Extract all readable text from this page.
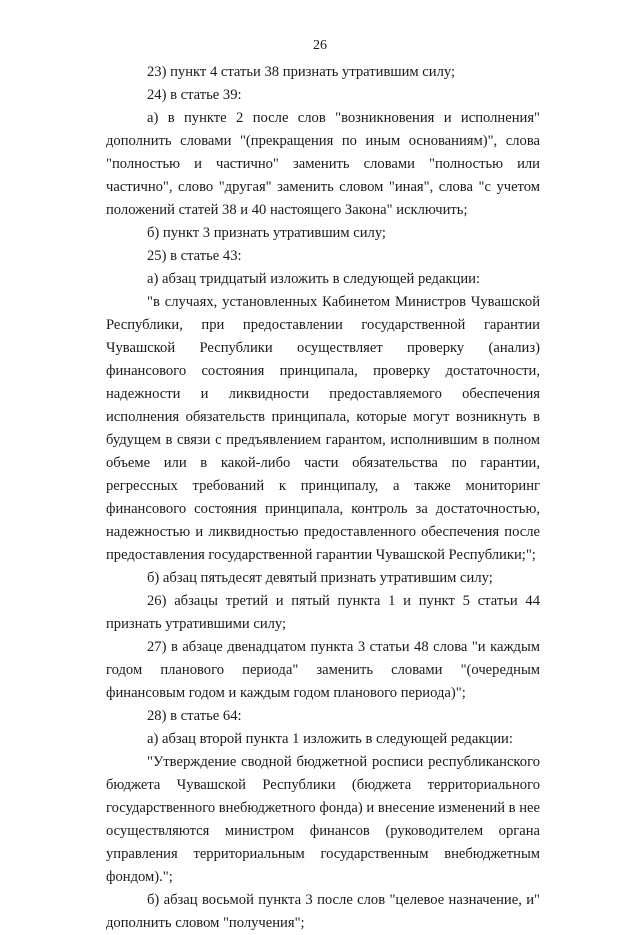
26

23) пункт 4 статьи 38 признать утратившим силу;

24) в статье 39:

а) в пункте 2 после слов "возникновения и исполнения" дополнить словами "(прекращения по иным основаниям)", слова "полностью и частично" заменить словами "полностью или частично", слово "другая" заменить словом "иная", слова "с учетом положений статей 38 и 40 настоящего Закона" исключить;

б) пункт 3 признать утратившим силу;

25) в статье 43:

а) абзац тридцатый изложить в следующей редакции:

"в случаях, установленных Кабинетом Министров Чувашской Республики, при предоставлении государственной гарантии Чувашской Республики осуществляет проверку (анализ) финансового состояния принципала, проверку достаточности, надежности и ликвидности предоставляемого обеспечения исполнения обязательств принципала, которые могут возникнуть в будущем в связи с предъявлением гарантом, исполнившим в полном объеме или в какой-либо части обязательства по гарантии, регрессных требований к принципалу, а также мониторинг финансового состояния принципала, контроль за достаточностью, надежностью и ликвидностью предоставленного обеспечения после предоставления государственной гарантии Чувашской Республики;";

б) абзац пятьдесят девятый признать утратившим силу;

26) абзацы третий и пятый пункта 1 и пункт 5 статьи 44 признать утратившими силу;

27) в абзаце двенадцатом пункта 3 статьи 48 слова "и каждым годом планового периода" заменить словами "(очередным финансовым годом и каждым годом планового периода)";

28) в статье 64:

а) абзац второй пункта 1 изложить в следующей редакции:

"Утверждение сводной бюджетной росписи республиканского бюджета Чувашской Республики (бюджета территориального государственного внебюджетного фонда) и внесение изменений в нее осуществляются министром финансов (руководителем органа управления территориальным государственным внебюджетным фондом).";

б) абзац восьмой пункта 3 после слов "целевое назначение, и" дополнить словом "получения";
